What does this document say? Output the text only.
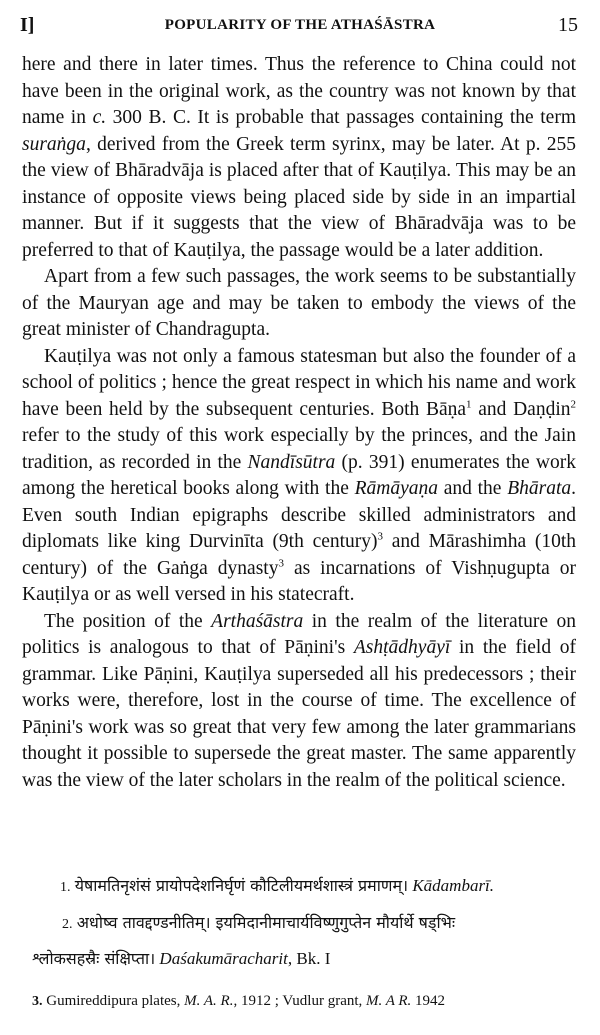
I]	POPULARITY OF THE ATHAŚĀSTRA	15

here and there in later times. Thus the reference to China could not have been in the original work, as the country was not known by that name in c. 300 B. C. It is probable that passages containing the term suraṅga, derived from the Greek term syrinx, may be later. At p. 255 the view of Bhāradvāja is placed after that of Kauṭilya. This may be an instance of opposite views being placed side by side in an impartial manner. But if it suggests that the view of Bhāradvāja was to be preferred to that of Kauṭilya, the passage would be a later addition.

Apart from a few such passages, the work seems to be substantially of the Mauryan age and may be taken to embody the views of the great minister of Chandragupta.

Kauṭilya was not only a famous statesman but also the founder of a school of politics ; hence the great respect in which his name and work have been held by the subsequent centuries. Both Bāṇa$^1$ and Daṇḍin$^2$ refer to the study of this work especially by the princes, and the Jain tradition, as recorded in the Nandīsūtra (p. 391) enumerates the work among the heretical books along with the Rāmāyaṇa and the Bhārata. Even south Indian epigraphs describe skilled administrators and diplomats like king Durvinīta (9th century)$^3$ and Mārashimha (10th century) of the Gaṅga dynasty$^3$ as incarnations of Vishṇugupta or Kauṭilya or as well versed in his statecraft.

The position of the Arthaśāstra in the realm of the literature on politics is analogous to that of Pāṇini's Ashṭādhyāyī in the field of grammar. Like Pāṇini, Kauṭilya superseded all his predecessors ; their works were, therefore, lost in the course of time. The excellence of Pāṇini's work was so great that very few among the later grammarians thought it possible to supersede the great master. The same apparently was the view of the later scholars in the realm of the political science.

1. येषामतिनृशंसं प्रायोपदेशनिर्घृणं कौटिलीयमर्थशास्त्रं प्रमाणम्। Kādambarī.
2. अधोष्व तावद्दण्डनीतिम्। इयमिदानीमाचार्यविष्णुगुप्तेन मौर्यार्थे षड्भिः
श्लोकसहस्रैः संक्षिप्ता। Daśakumāracharit, Bk. I
3. Gumireddipura plates, M. A. R., 1912 ; Vudlur grant, M. A R. 1942
